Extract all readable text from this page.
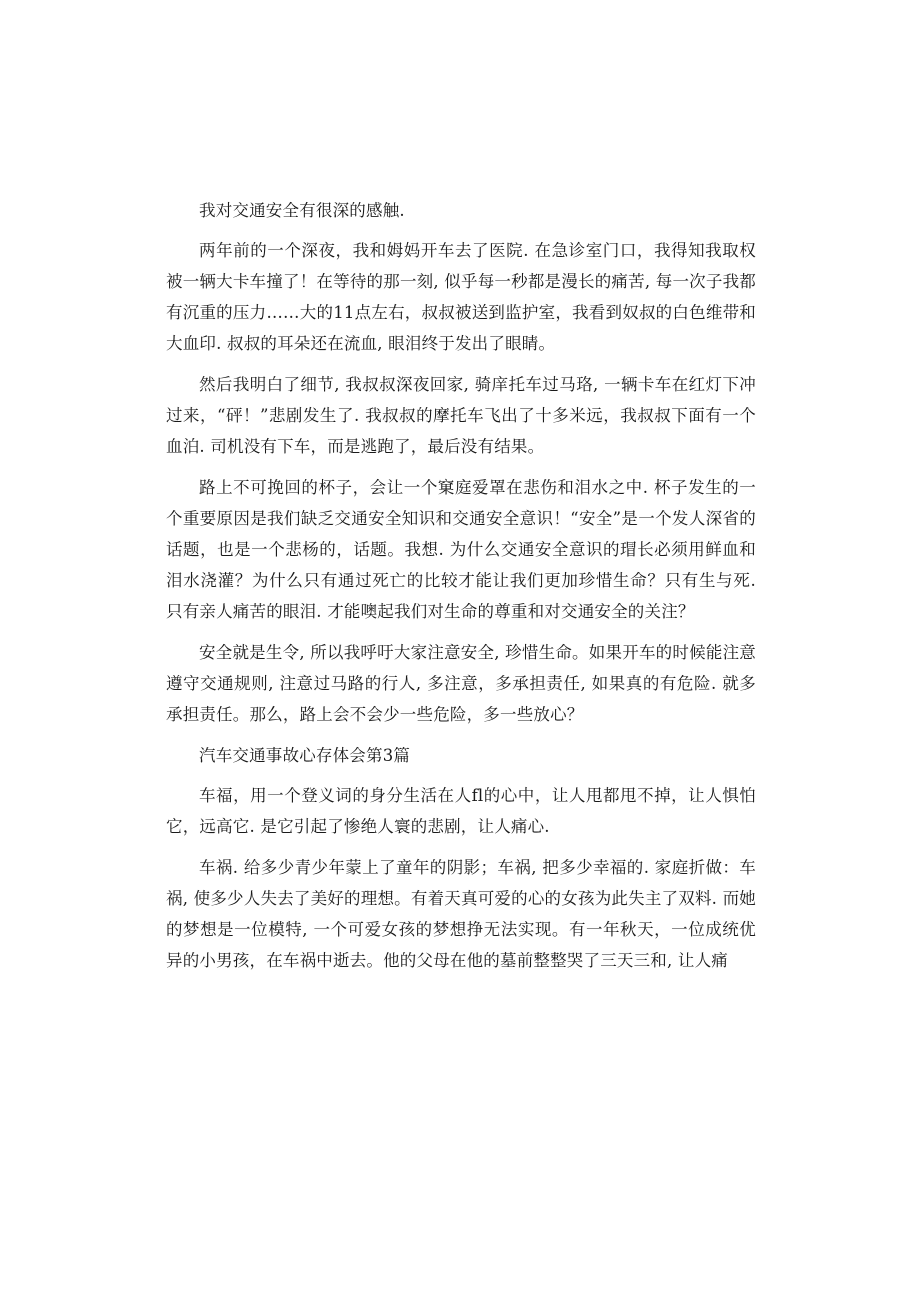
我对交通安全有很深的感触.

两年前的一个深夜，我和姆妈开车去了医院. 在急诊室门口，我得知我取权被一辆大卡车撞了！在等待的那一刻, 似乎每一秒都是漫长的痛苦, 每一次子我都有沉重的压力……大的11点左右，叔叔被送到监护室，我看到奴叔的白色维带和大血印. 叔叔的耳朵还在流血, 眼泪终于发出了眼睛。

然后我明白了细节, 我叔叔深夜回家, 骑庠托车过马珞, 一辆卡车在红灯下冲过来，“砰！”悲剧发生了. 我叔叔的摩托车飞出了十多米远，我叔叔下面有一个血泊. 司机没有下车，而是逃跑了，最后没有结果。

路上不可挽回的杯子，会让一个窠庭爱罩在悲伤和泪水之中. 杯子发生的一个重要原因是我们缺乏交通安全知识和交通安全意识！“安全”是一个发人深省的话题，也是一个悲杨的，话题。我想. 为什么交通安全意识的瑁长必须用鲜血和泪水浇灌？为什么只有通过死亡的比较才能让我们更加珍惜生命？只有生与死. 只有亲人痛苦的眼泪. 才能噢起我们对生命的尊重和对交通安全的关注？

安全就是生令, 所以我呼吁大家注意安全, 珍惜生命。如果开车的时候能注意遵守交通规则, 注意过马路的行人, 多注意，多承担责任, 如果真的有危险. 就多承担责任。那么，路上会不会少一些危险，多一些放心？

汽车交通事故心存体会第3篇

车福，用一个登义词的身分生活在人fl的心中，让人甩都甩不掉，让人惧怕它，远高它. 是它引起了惨绝人寰的悲剧，让人痛心.

车祸. 给多少青少年蒙上了童年的阴影；车祸, 把多少幸福的. 家庭折做：车祸, 使多少人失去了美好的理想。有着天真可爱的心的女孩为此失主了双料. 而她的梦想是一位模特, 一个可爱女孩的梦想挣无法实现。有一年秋天，一位成统优异的小男孩，在车祸中逝去。他的父母在他的墓前整整哭了三天三和, 让人痛
